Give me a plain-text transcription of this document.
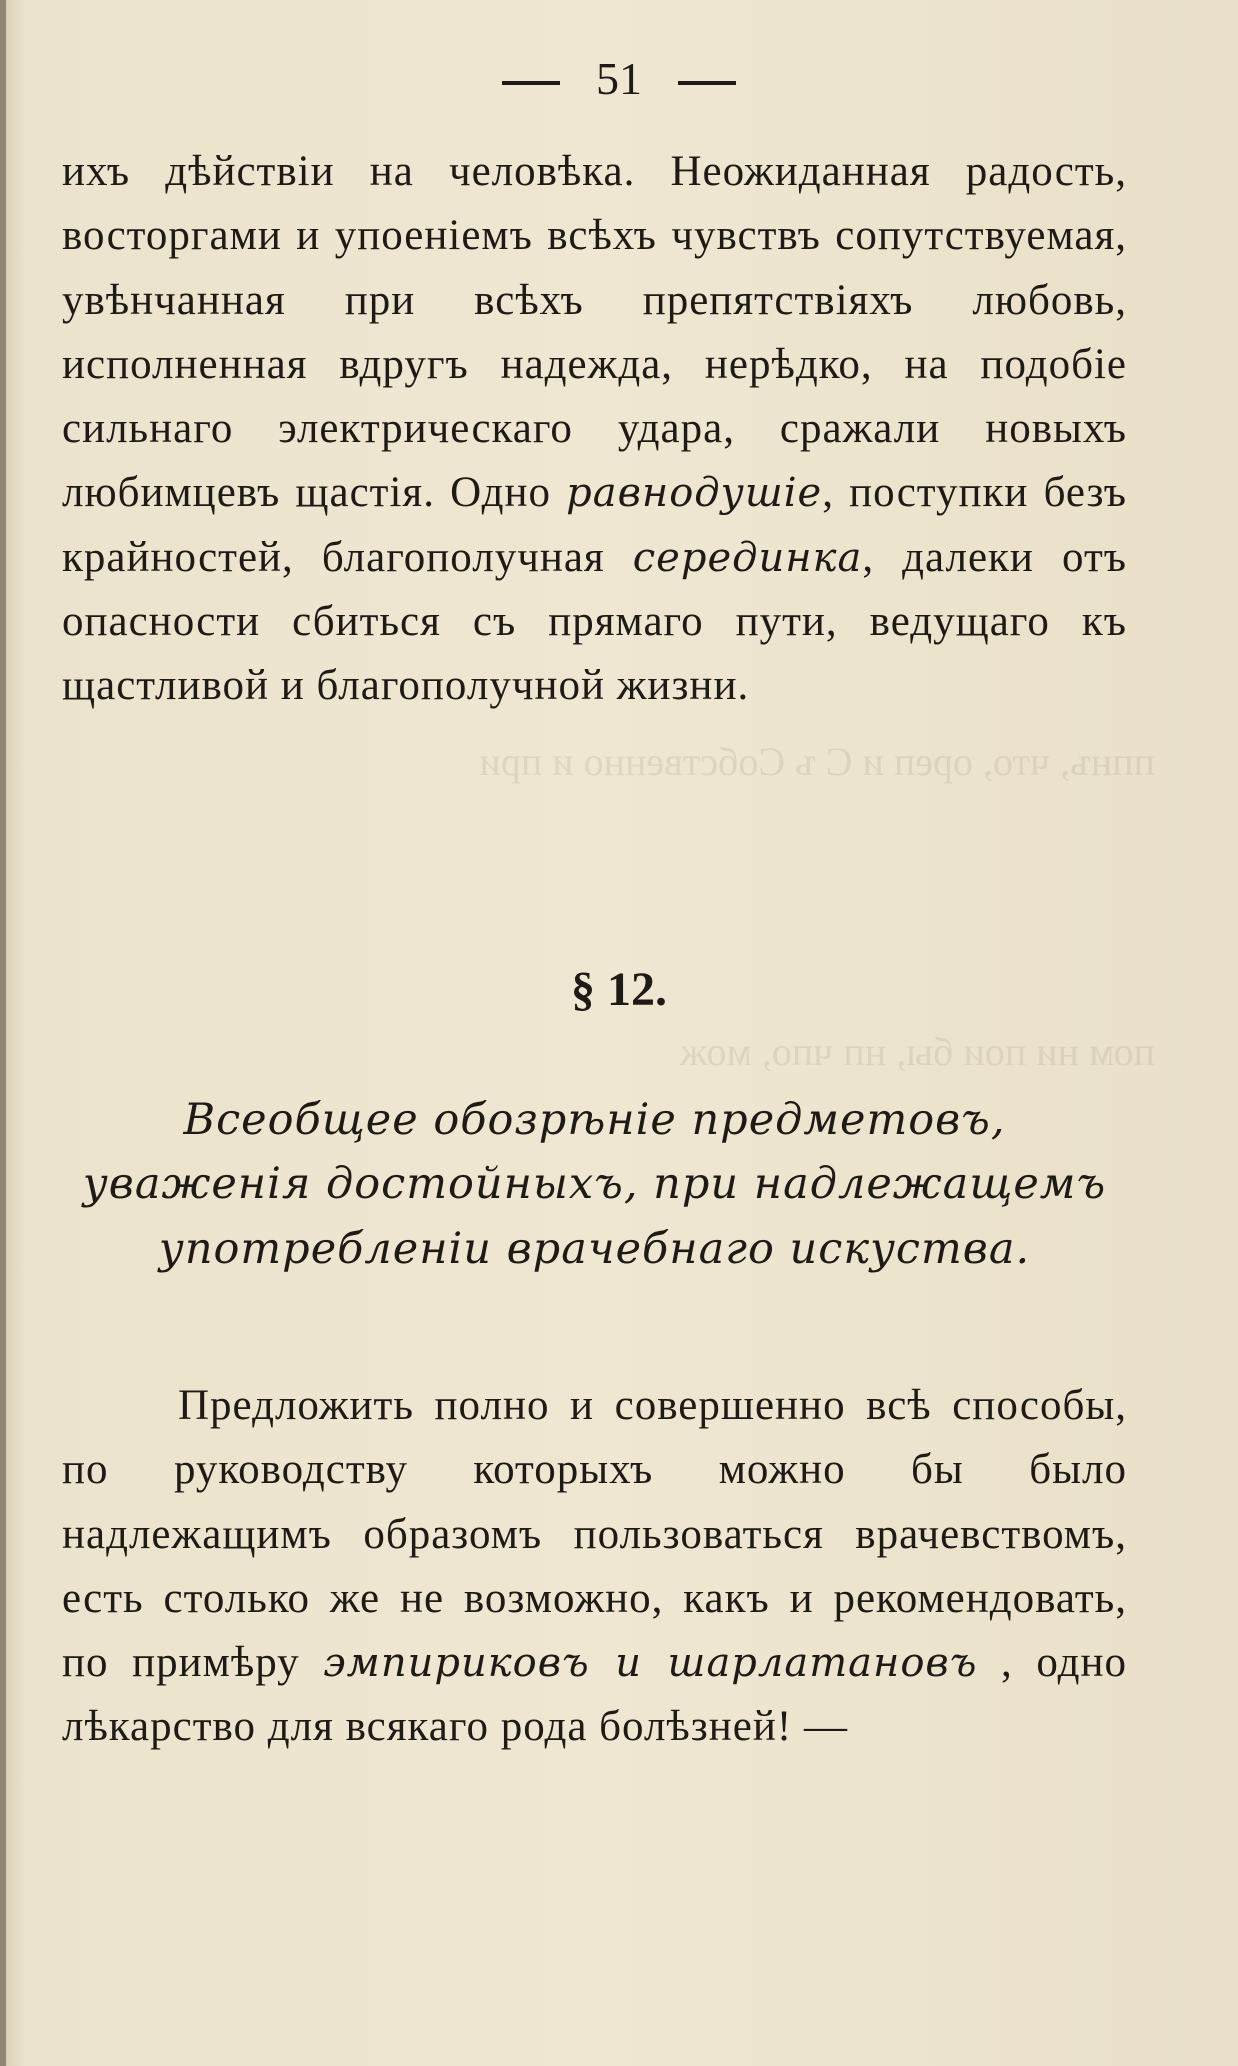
ппнъ, что, ореп и С ъ Собственно и при
пом ни пои бы, нп чпо, мож
51
ихъ дѣйствіи на человѣка. Неожиданная радость, восторгами и упоеніемъ всѣхъ чувствъ сопутствуемая, увѣнчанная при всѣхъ препятствіяхъ любовь, исполненная вдругъ надежда, нерѣдко, на подобіе сильнаго электрическаго удара, сражали новыхъ любимцевъ щастія. Одно равнодушіе, поступки безъ крайностей, благополучная серединка, далеки отъ опасности сбиться съ прямаго пути, ведущаго къ щастливой и благополучной жизни.
§ 12.
Всеобщее обозрѣніе предметовъ, уваженія достойныхъ, при надлежащемъ употребленіи врачебнаго искуства.
Предложить полно и совершенно всѣ способы, по руководству которыхъ можно бы было надлежащимъ образомъ пользоваться врачевствомъ, есть столько же не возможно, какъ и рекомендовать, по примѣру эмпириковъ и шарлатановъ , одно лѣкарство для всякаго рода болѣзней! —
